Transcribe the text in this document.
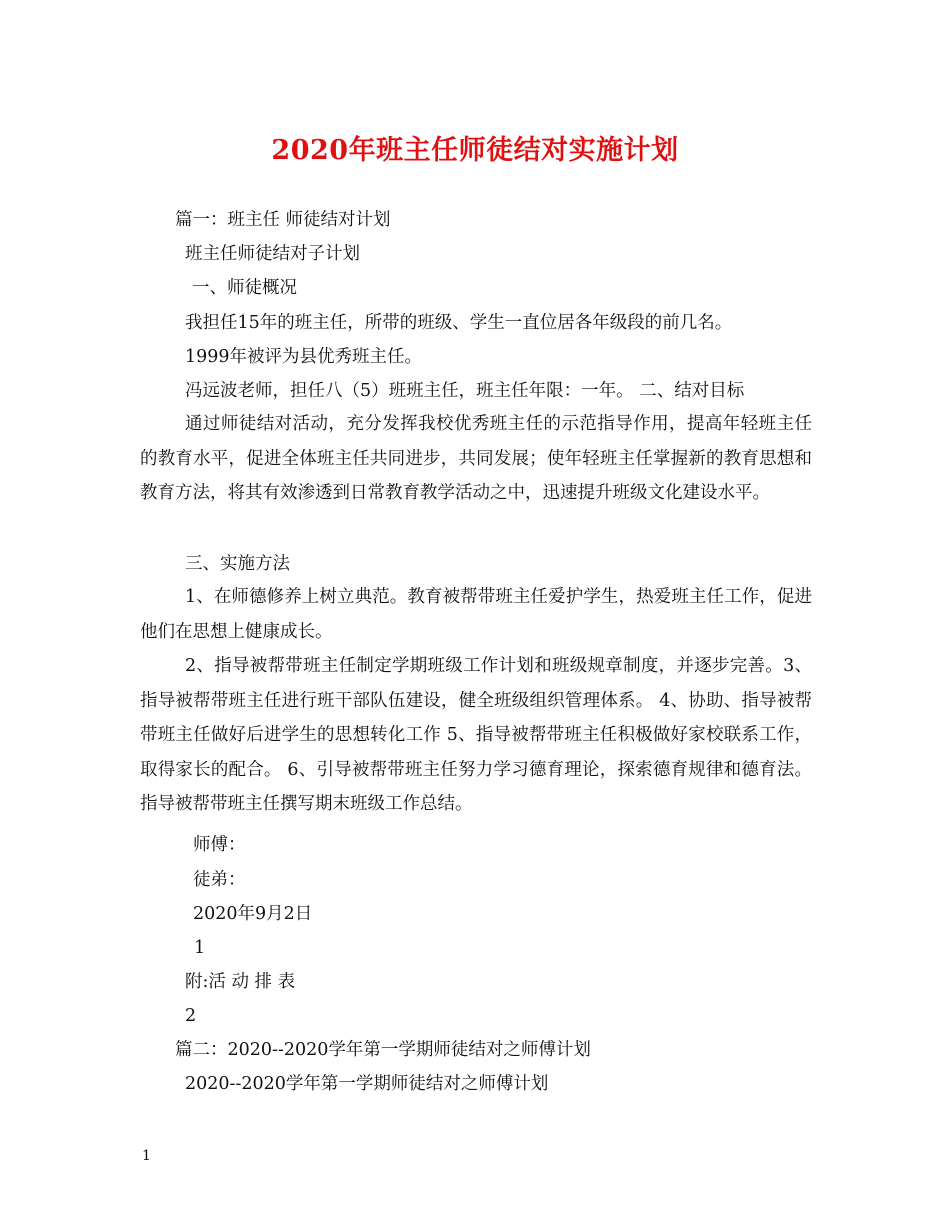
2020年班主任师徒结对实施计划
篇一：班主任 师徒结对计划
班主任师徒结对子计划
一、师徒概况
我担任15年的班主任，所带的班级、学生一直位居各年级段的前几名。
1999年被评为县优秀班主任。
冯远波老师，担任八（5）班班主任，班主任年限：一年。 二、结对目标
通过师徒结对活动，充分发挥我校优秀班主任的示范指导作用，提高年轻班主任的教育水平，促进全体班主任共同进步，共同发展；使年轻班主任掌握新的教育思想和教育方法，将其有效渗透到日常教育教学活动之中，迅速提升班级文化建设水平。
三、实施方法
1、在师德修养上树立典范。教育被帮带班主任爱护学生，热爱班主任工作，促进他们在思想上健康成长。
2、指导被帮带班主任制定学期班级工作计划和班级规章制度，并逐步完善。3、指导被帮带班主任进行班干部队伍建设，健全班级组织管理体系。 4、协助、指导被帮带班主任做好后进学生的思想转化工作 5、指导被帮带班主任积极做好家校联系工作，取得家长的配合。 6、引导被帮带班主任努力学习德育理论，探索德育规律和德育法。指导被帮带班主任撰写期末班级工作总结。
师傅：
徒弟：
2020年9月2日
1
附:活 动 排 表
2
篇二：2020--2020学年第一学期师徒结对之师傅计划
2020--2020学年第一学期师徒结对之师傅计划
1
